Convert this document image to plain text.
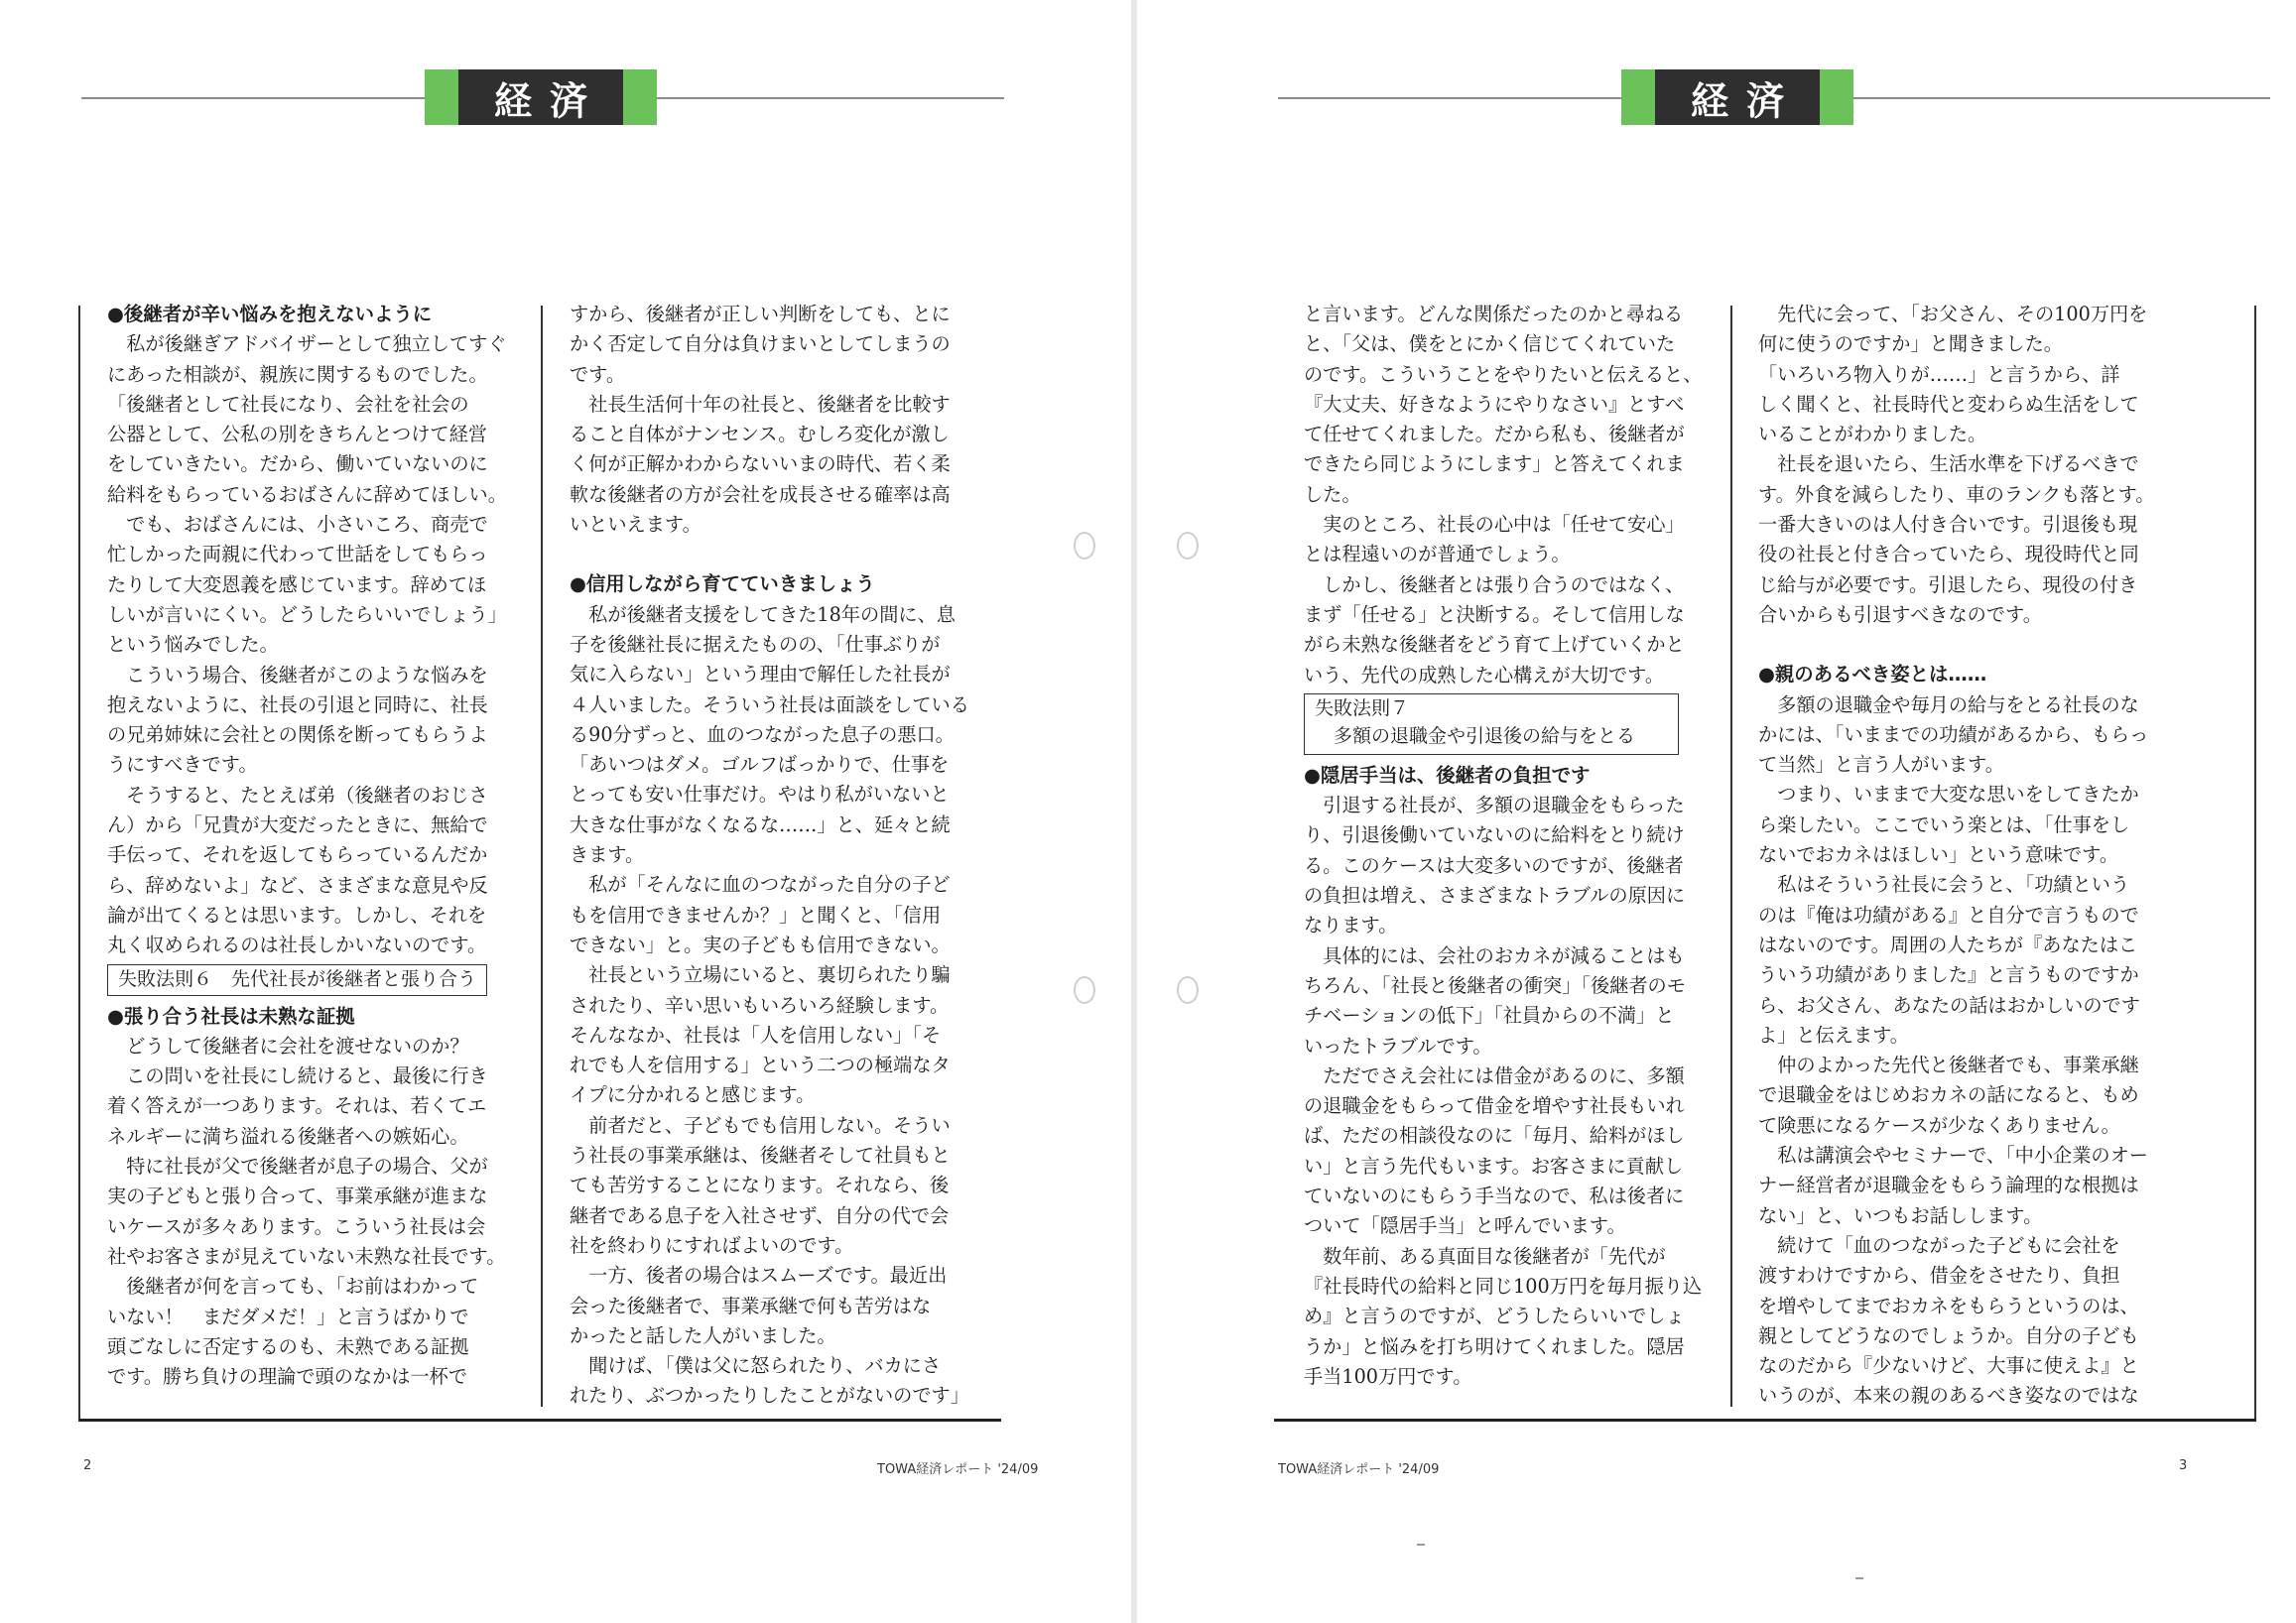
経済
●後継者が辛い悩みを抱えないように
　私が後継ぎアドバイザーとして独立してすぐ
にあった相談が、親族に関するものでした。
「後継者として社長になり、会社を社会の
公器として、公私の別をきちんとつけて経営
をしていきたい。だから、働いていないのに
給料をもらっているおばさんに辞めてほしい。
　でも、おばさんには、小さいころ、商売で
忙しかった両親に代わって世話をしてもらっ
たりして大変恩義を感じています。辞めてほ
しいが言いにくい。どうしたらいいでしょう」
という悩みでした。
　こういう場合、後継者がこのような悩みを
抱えないように、社長の引退と同時に、社長
の兄弟姉妹に会社との関係を断ってもらうよ
うにすべきです。
　そうすると、たとえば弟（後継者のおじさ
ん）から「兄貴が大変だったときに、無給で
手伝って、それを返してもらっているんだか
ら、辞めないよ」など、さまざまな意見や反
論が出てくるとは思います。しかし、それを
丸く収められるのは社長しかいないのです。
失敗法則６　先代社長が後継者と張り合う
●張り合う社長は未熟な証拠
　どうして後継者に会社を渡せないのか？
　この問いを社長にし続けると、最後に行き
着く答えが一つあります。それは、若くてエ
ネルギーに満ち溢れる後継者への嫉妬心。
　特に社長が父で後継者が息子の場合、父が
実の子どもと張り合って、事業承継が進まな
いケースが多々あります。こういう社長は会
社やお客さまが見えていない未熟な社長です。
　後継者が何を言っても、「お前はわかって
いない！　まだダメだ！」と言うばかりで
頭ごなしに否定するのも、未熟である証拠
です。勝ち負けの理論で頭のなかは一杯で
すから、後継者が正しい判断をしても、とに
かく否定して自分は負けまいとしてしまうの
です。
　社長生活何十年の社長と、後継者を比較す
ること自体がナンセンス。むしろ変化が激し
く何が正解かわからないいまの時代、若く柔
軟な後継者の方が会社を成長させる確率は高
いといえます。
●信用しながら育てていきましょう
　私が後継者支援をしてきた18年の間に、息
子を後継社長に据えたものの、「仕事ぶりが
気に入らない」という理由で解任した社長が
４人いました。そういう社長は面談をしている
る90分ずっと、血のつながった息子の悪口。
「あいつはダメ。ゴルフばっかりで、仕事を
とっても安い仕事だけ。やはり私がいないと
大きな仕事がなくなるな……」と、延々と続
きます。
　私が「そんなに血のつながった自分の子ど
もを信用できませんか？」と聞くと、「信用
できない」と。実の子どもも信用できない。
　社長という立場にいると、裏切られたり騙
されたり、辛い思いもいろいろ経験します。
そんななか、社長は「人を信用しない」「そ
れでも人を信用する」という二つの極端なタ
イプに分かれると感じます。
　前者だと、子どもでも信用しない。そうい
う社長の事業承継は、後継者そして社員もと
ても苦労することになります。それなら、後
継者である息子を入社させず、自分の代で会
社を終わりにすればよいのです。
　一方、後者の場合はスムーズです。最近出
会った後継者で、事業承継で何も苦労はな
かったと話した人がいました。
　聞けば、「僕は父に怒られたり、バカにさ
れたり、ぶつかったりしたことがないのです」
2	TOWA経済レポート '24/09
経済
と言います。どんな関係だったのかと尋ねる
と、「父は、僕をとにかく信じてくれていた
のです。こういうことをやりたいと伝えると、
『大丈夫、好きなようにやりなさい』とすべ
て任せてくれました。だから私も、後継者が
できたら同じようにします」と答えてくれま
した。
　実のところ、社長の心中は「任せて安心」
とは程遠いのが普通でしょう。
　しかし、後継者とは張り合うのではなく、
まず「任せる」と決断する。そして信用しな
がら未熟な後継者をどう育て上げていくかと
いう、先代の成熟した心構えが大切です。
失敗法則７
　多額の退職金や引退後の給与をとる
●隠居手当は、後継者の負担です
　引退する社長が、多額の退職金をもらった
り、引退後働いていないのに給料をとり続け
る。このケースは大変多いのですが、後継者
の負担は増え、さまざまなトラブルの原因に
なります。
　具体的には、会社のおカネが減ることはも
ちろん、「社長と後継者の衝突」「後継者のモ
チベーションの低下」「社員からの不満」と
いったトラブルです。
　ただでさえ会社には借金があるのに、多額
の退職金をもらって借金を増やす社長もいれ
ば、ただの相談役なのに「毎月、給料がほし
い」と言う先代もいます。お客さまに貢献し
ていないのにもらう手当なので、私は後者に
ついて「隠居手当」と呼んでいます。
　数年前、ある真面目な後継者が「先代が
『社長時代の給料と同じ100万円を毎月振り込
め』と言うのですが、どうしたらいいでしょ
うか」と悩みを打ち明けてくれました。隠居
手当100万円です。
　先代に会って、「お父さん、その100万円を
何に使うのですか」と聞きました。
「いろいろ物入りが……」と言うから、詳
しく聞くと、社長時代と変わらぬ生活をして
いることがわかりました。
　社長を退いたら、生活水準を下げるべきで
す。外食を減らしたり、車のランクも落とす。
一番大きいのは人付き合いです。引退後も現
役の社長と付き合っていたら、現役時代と同
じ給与が必要です。引退したら、現役の付き
合いからも引退すべきなのです。
●親のあるべき姿とは……
　多額の退職金や毎月の給与をとる社長のな
かには、「いままでの功績があるから、もらっ
て当然」と言う人がいます。
　つまり、いままで大変な思いをしてきたか
ら楽したい。ここでいう楽とは、「仕事をし
ないでおカネはほしい」という意味です。
　私はそういう社長に会うと、「功績という
のは『俺は功績がある』と自分で言うもので
はないのです。周囲の人たちが『あなたはこ
ういう功績がありました』と言うものですか
ら、お父さん、あなたの話はおかしいのです
よ」と伝えます。
　仲のよかった先代と後継者でも、事業承継
で退職金をはじめおカネの話になると、もめ
て険悪になるケースが少なくありません。
　私は講演会やセミナーで、「中小企業のオー
ナー経営者が退職金をもらう論理的な根拠は
ない」と、いつもお話しします。
　続けて「血のつながった子どもに会社を
渡すわけですから、借金をさせたり、負担
を増やしてまでおカネをもらうというのは、
親としてどうなのでしょうか。自分の子ども
なのだから『少ないけど、大事に使えよ』と
いうのが、本来の親のあるべき姿なのではな
TOWA経済レポート '24/09	3
